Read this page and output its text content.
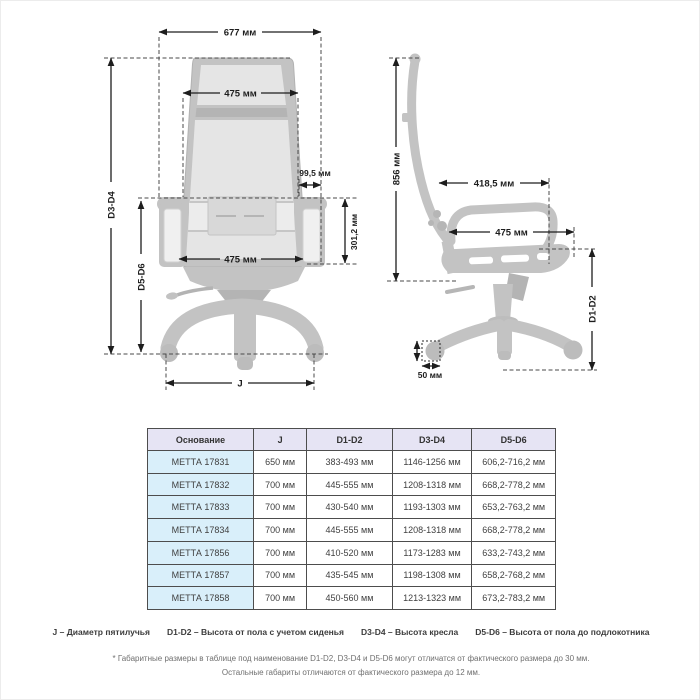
677 мм
D3-D4
475 мм
99,5 мм
301,2 мм
D5-D6
475 мм
J
856 мм	418,5 мм
475 мм
D1-D2
50 мм
Основание	J	D1-D2	D3-D4	D5-D6
МЕТТА 17831	650 мм	383-493 мм	1146-1256 мм	606,2-716,2 мм
МЕТТА 17832	700 мм	445-555 мм	1208-1318 мм	668,2-778,2 мм
МЕТТА 17833	700 мм	430-540 мм	1193-1303 мм	653,2-763,2 мм
МЕТТА 17834	700 мм	445-555 мм	1208-1318 мм	668,2-778,2 мм
МЕТТА 17856	700 мм	410-520 мм	1173-1283 мм	633,2-743,2 мм
МЕТТА 17857	700 мм	435-545 мм	1198-1308 мм	658,2-768,2 мм
МЕТТА 17858	700 мм	450-560 мм	1213-1323 мм	673,2-783,2 мм
J – Диаметр пятилучья D1-D2 – Высота от пола с учетом сиденья D3-D4 – Высота кресла D5-D6 – Высота от пола до подлокотника
* Габаритные размеры в таблице под наименование D1-D2, D3-D4 и D5-D6 могут отличатся от фактического размера до 30 мм.
Остальные габариты отличаются от фактического размера до 12 мм.
